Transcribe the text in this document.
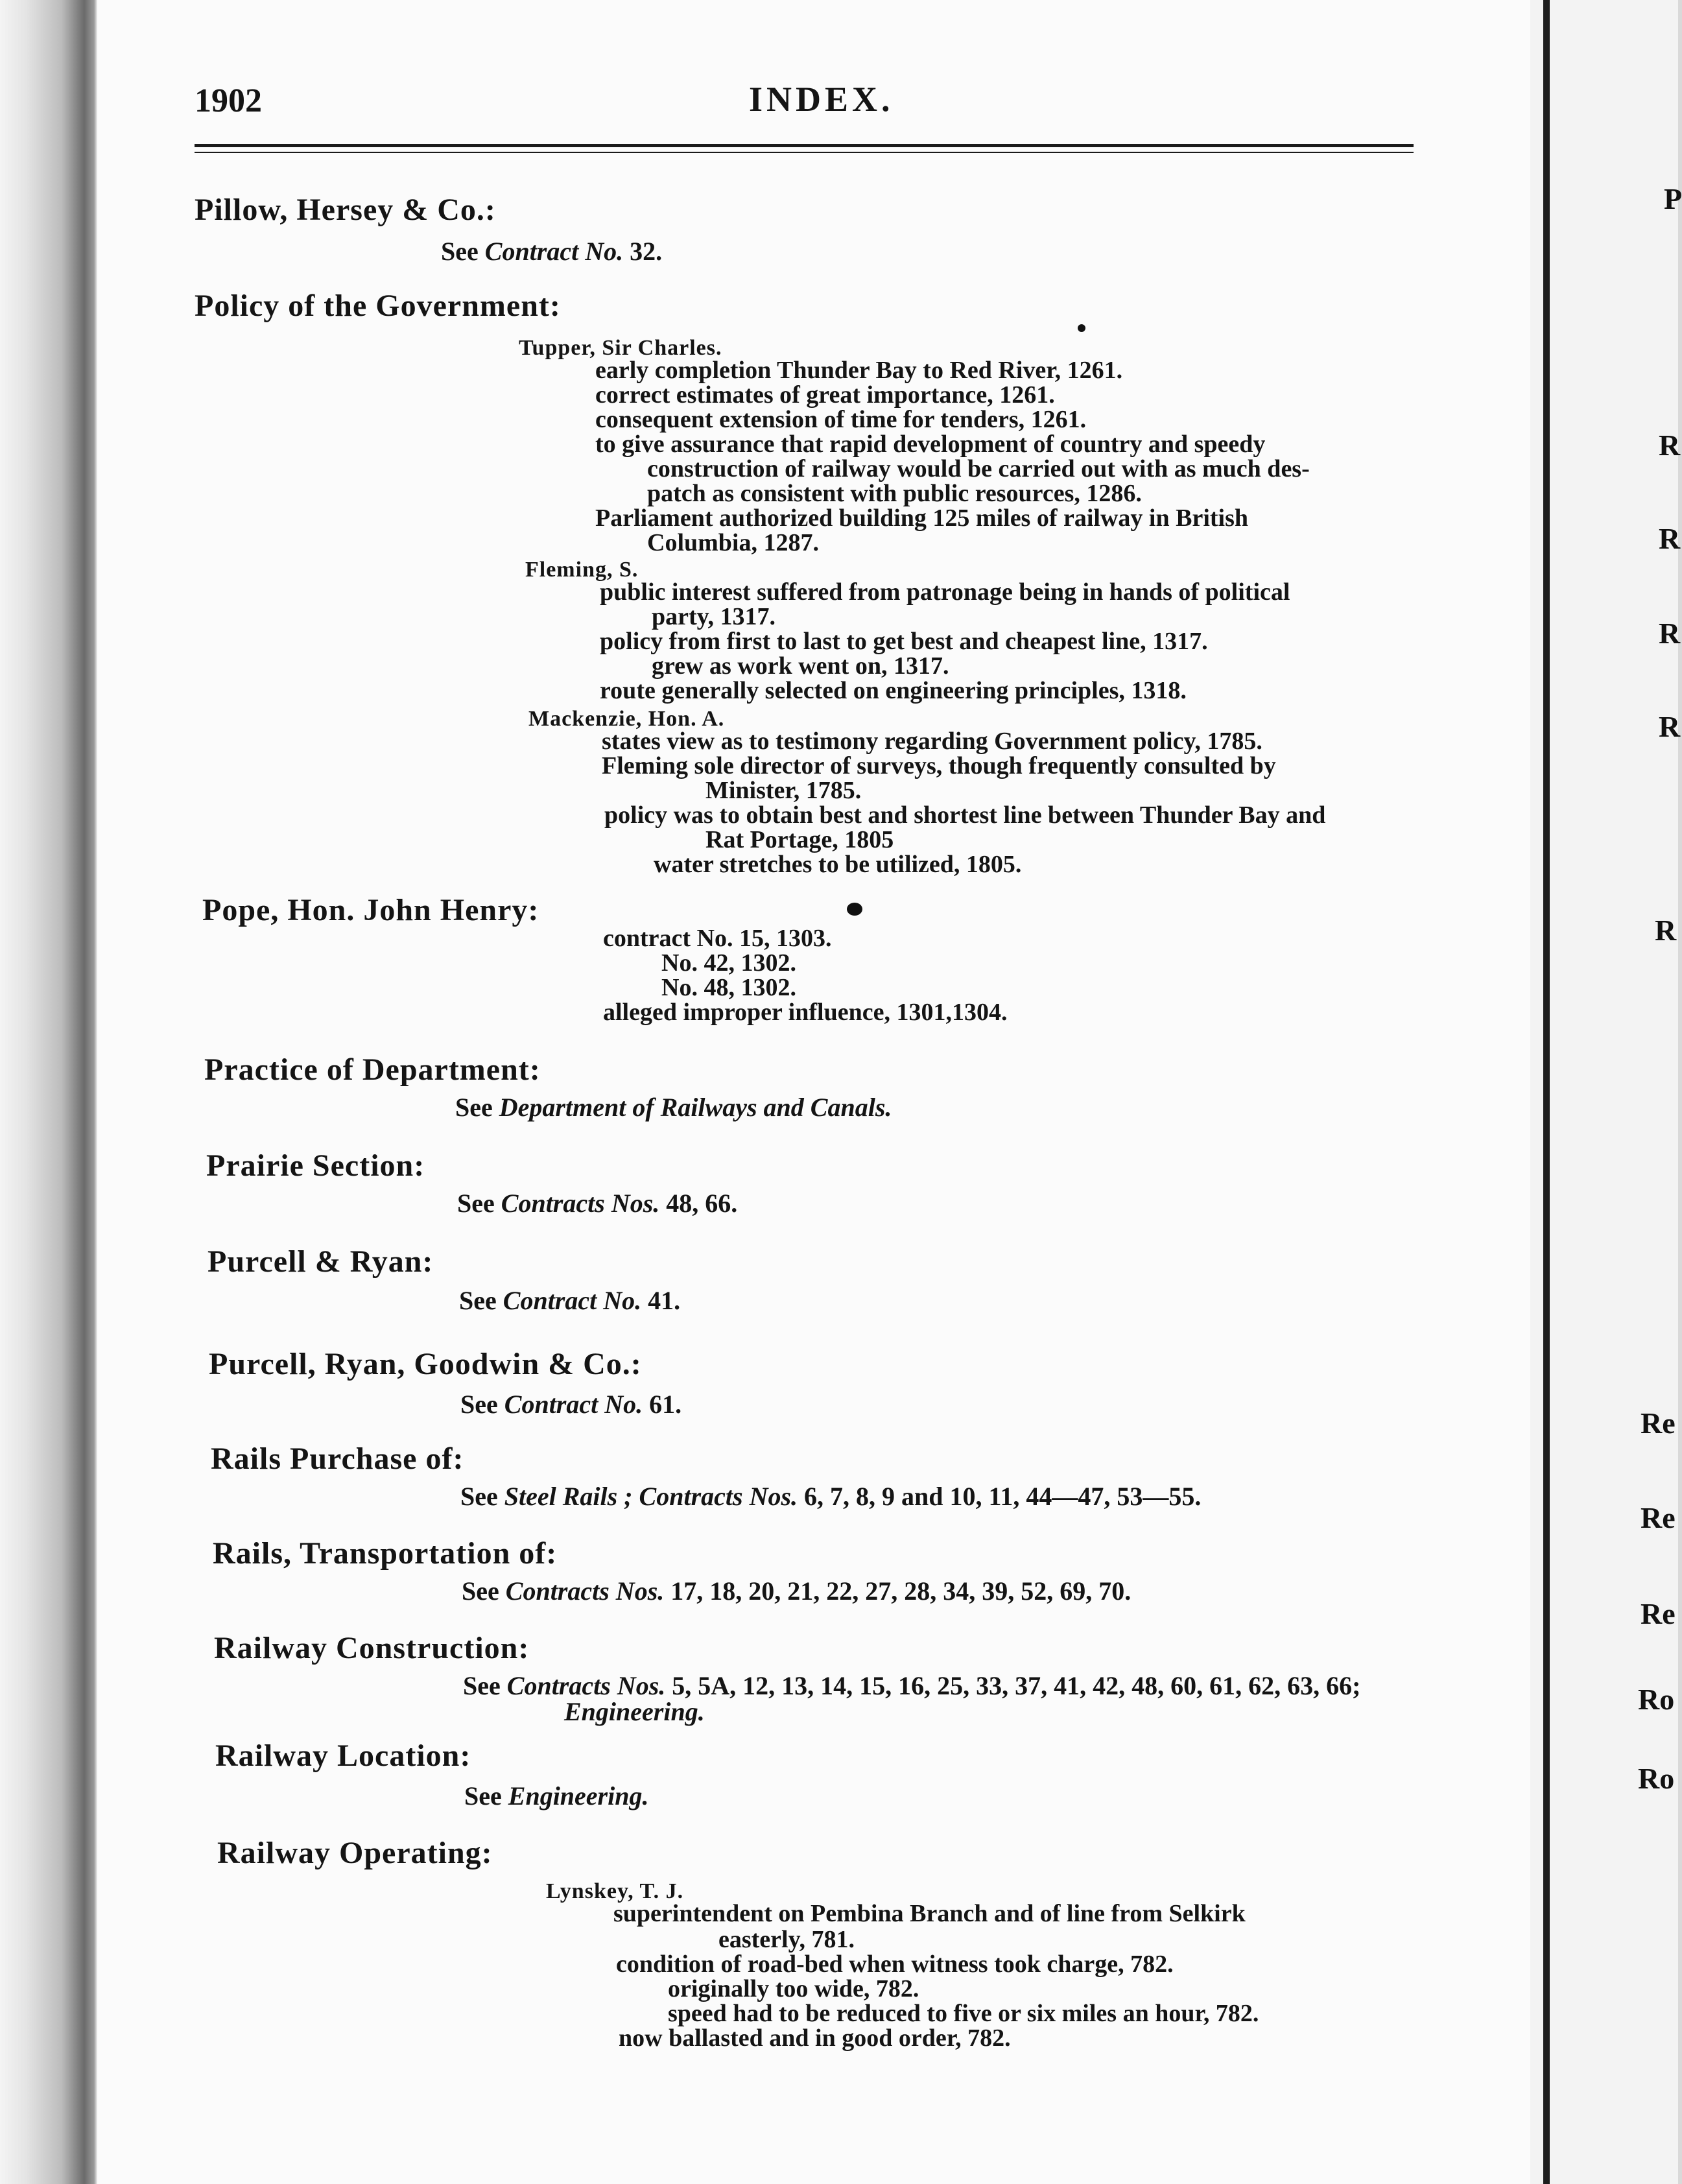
1902	INDEX.
Pillow, Hersey & Co.:
See Contract No. 32.
Policy of the Government:
Tupper, Sir Charles.
early completion Thunder Bay to Red River, 1261.
correct estimates of great importance, 1261.
consequent extension of time for tenders, 1261.
to give assurance that rapid development of country and speedy
construction of railway would be carried out with as much des-
patch as consistent with public resources, 1286.
Parliament authorized building 125 miles of railway in British
Columbia, 1287.
Fleming, S.
public interest suffered from patronage being in hands of political
party, 1317.
policy from first to last to get best and cheapest line, 1317.
grew as work went on, 1317.
route generally selected on engineering principles, 1318.
Mackenzie, Hon. A.
states view as to testimony regarding Government policy, 1785.
Fleming sole director of surveys, though frequently consulted by
Minister, 1785.
policy was to obtain best and shortest line between Thunder Bay and
Rat Portage, 1805
water stretches to be utilized, 1805.
Pope, Hon. John Henry:
contract No. 15, 1303.
No. 42, 1302.
No. 48, 1302.
alleged improper influence, 1301,1304.
Practice of Department:
See Department of Railways and Canals.
Prairie Section:
See Contracts Nos. 48, 66.
Purcell & Ryan:
See Contract No. 41.
Purcell, Ryan, Goodwin & Co.:
See Contract No. 61.
Rails Purchase of:
See Steel Rails ; Contracts Nos. 6, 7, 8, 9 and 10, 11, 44—47, 53—55.
Rails, Transportation of:
See Contracts Nos. 17, 18, 20, 21, 22, 27, 28, 34, 39, 52, 69, 70.
Railway Construction:
See Contracts Nos. 5, 5A, 12, 13, 14, 15, 16, 25, 33, 37, 41, 42, 48, 60, 61, 62, 63, 66;
Engineering.
Railway Location:
See Engineering.
Railway Operating:
Lynskey, T. J.
superintendent on Pembina Branch and of line from Selkirk
easterly, 781.
condition of road-bed when witness took charge, 782.
originally too wide, 782.
speed had to be reduced to five or six miles an hour, 782.
now ballasted and in good order, 782.
P
R
R
R
R
R
Re
Re
Re
Ro
Ro
